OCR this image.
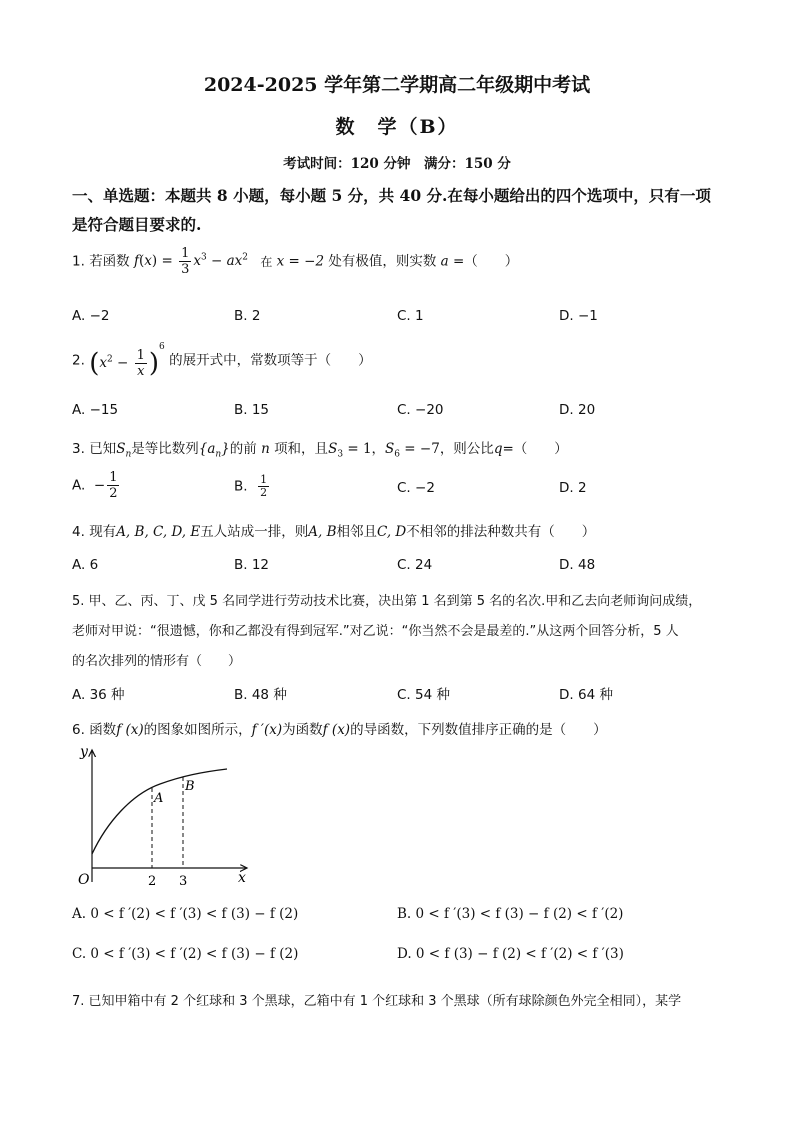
2024-2025 学年第二学期高二年级期中考试
数　学（B）
考试时间：120 分钟　满分：150 分
一、单选题：本题共 8 小题，每小题 5 分，共 40 分.在每小题给出的四个选项中，只有一项
是符合题目要求的.
1. 若函数 $f(x) = \frac{1}{3} x^3 - ax^2$ 在 x = −2 处有极值，则实数 a =（　　）
A. −2	B. 2	C. 1	D. −1
2. $(x^2 - \frac{1}{x} )^6$ 的展开式中，常数项等于（　　）
A. −15	B. 15	C. −20	D. 20
3. 已知$S_n$是等比数列$\{a_n\}$的前 n 项和，且$S_3 = 1$，$S_6 = -7$，则公比q=（　　）
A.  − $\frac{1}{2}$	B. $\frac{1}{2}$	C. −2	D. 2
4. 现有A, B, C, D, E五人站成一排，则A, B相邻且C, D不相邻的排法种数共有（　　）
A. 6	B. 12	C. 24	D. 48
5. 甲、乙、丙、丁、戊 5 名同学进行劳动技术比赛，决出第 1 名到第 5 名的名次.甲和乙去向老师询问成绩，
老师对甲说：“很遗憾，你和乙都没有得到冠军.”对乙说：“你当然不会是最差的.”从这两个回答分析，5 人
的名次排列的情形有（　　）
A. 36 种	B. 48 种	C. 54 种	D. 64 种
6. 函数f (x)的图象如图所示，f ′(x)为函数f (x)的导函数，下列数值排序正确的是（　　）
y
x
O
A
B
2 3
A. 0 < f ′(2) < f ′(3) < f (3) − f (2)	B. 0 < f ′(3) < f (3) − f (2) < f ′(2)
C. 0 < f ′(3) < f ′(2) < f (3) − f (2)	D. 0 < f (3) − f (2) < f ′(2) < f ′(3)
7. 已知甲箱中有 2 个红球和 3 个黑球，乙箱中有 1 个红球和 3 个黑球（所有球除颜色外完全相同），某学
